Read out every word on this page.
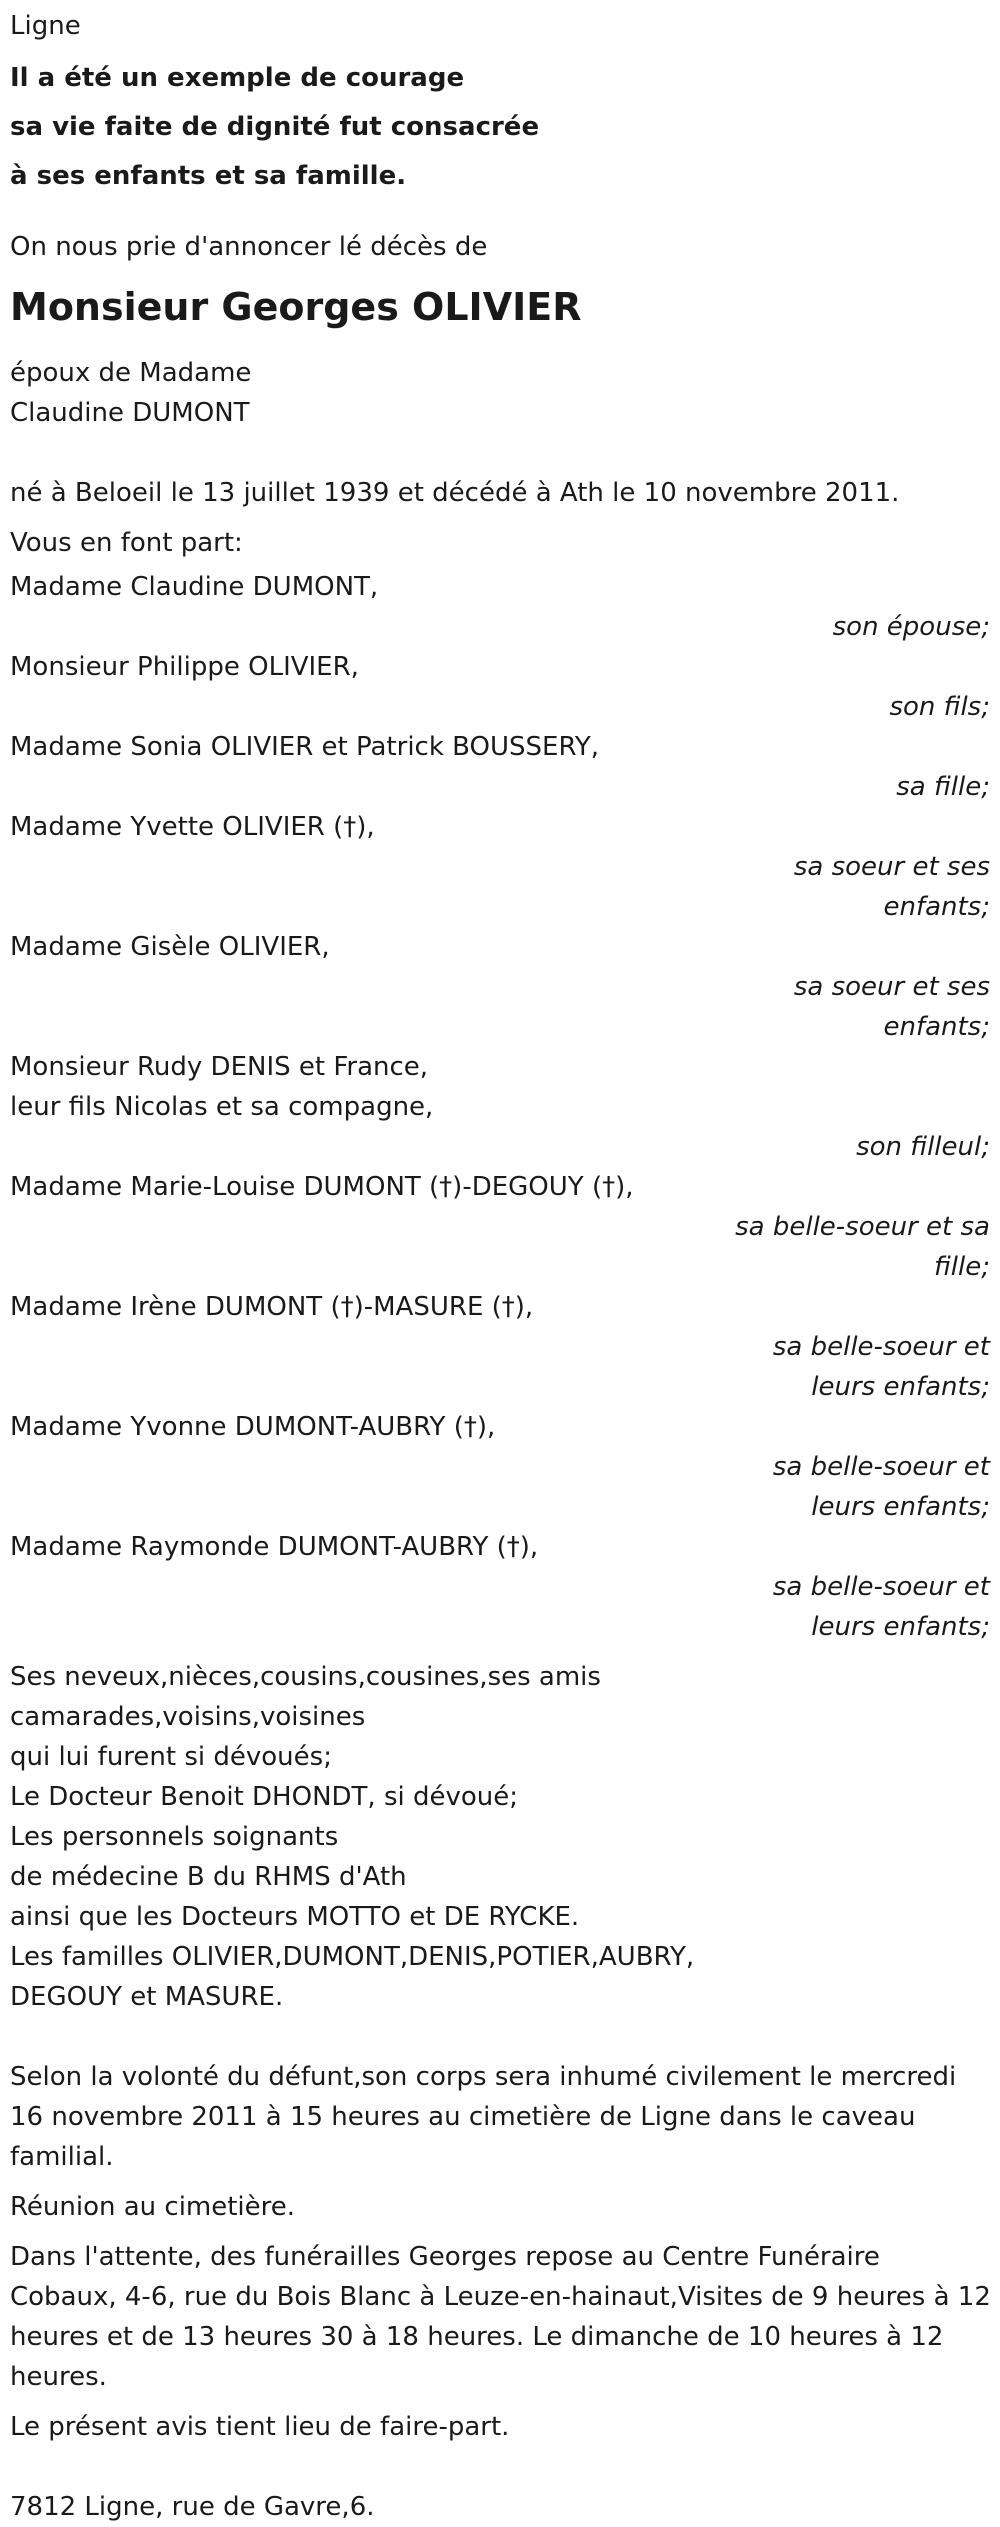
Ligne
Il a été un exemple de courage
sa vie faite de dignité fut consacrée
à ses enfants et sa famille.
On nous prie d'annoncer lé décès de
Monsieur Georges OLIVIER
époux de Madame
Claudine DUMONT
né à Beloeil le 13 juillet 1939 et décédé à Ath le 10 novembre 2011.
Vous en font part:
Madame Claudine DUMONT,
son épouse;
Monsieur Philippe OLIVIER,
son fils;
Madame Sonia OLIVIER et Patrick BOUSSERY,
sa fille;
Madame Yvette OLIVIER (†),
sa soeur et ses
enfants;
Madame Gisèle OLIVIER,
sa soeur et ses
enfants;
Monsieur Rudy DENIS et France,
leur fils Nicolas et sa compagne,
son filleul;
Madame Marie-Louise DUMONT (†)-DEGOUY (†),
sa belle-soeur et sa
fille;
Madame Irène DUMONT (†)-MASURE (†),
sa belle-soeur et
leurs enfants;
Madame Yvonne DUMONT-AUBRY (†),
sa belle-soeur et
leurs enfants;
Madame Raymonde DUMONT-AUBRY (†),
sa belle-soeur et
leurs enfants;
Ses neveux,nièces,cousins,cousines,ses amis
camarades,voisins,voisines
qui lui furent si dévoués;
Le Docteur Benoit DHONDT, si dévoué;
Les personnels soignants
de médecine B du RHMS d'Ath
ainsi que les Docteurs MOTTO et DE RYCKE.
Les familles OLIVIER,DUMONT,DENIS,POTIER,AUBRY,
DEGOUY et MASURE.
Selon la volonté du défunt,son corps sera inhumé civilement le mercredi
16 novembre 2011 à 15 heures au cimetière de Ligne dans le caveau
familial.
Réunion au cimetière.
Dans l'attente, des funérailles Georges repose au Centre Funéraire
Cobaux, 4-6, rue du Bois Blanc à Leuze-en-hainaut,Visites de 9 heures à 12
heures et de 13 heures 30 à 18 heures. Le dimanche de 10 heures à 12
heures.
Le présent avis tient lieu de faire-part.
7812 Ligne, rue de Gavre,6.
